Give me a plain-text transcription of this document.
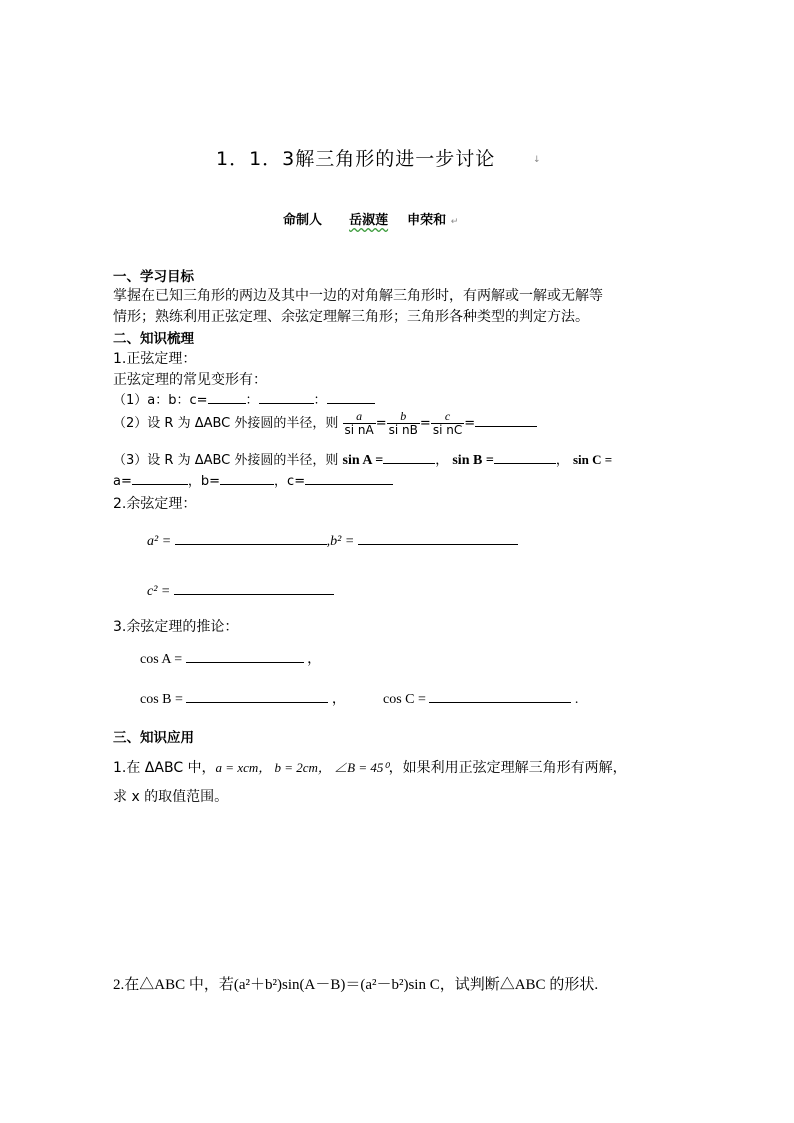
1．1．3解三角形的进一步讨论	↓
命制人 岳淑莲 申荣和 ↵
一、学习目标
掌握在已知三角形的两边及其中一边的对角解三角形时，有两解或一解或无解等
情形；熟练利用正弦定理、余弦定理解三角形；三角形各种类型的判定方法。
二、知识梳理
1.正弦定理：
正弦定理的常见变形有：
（1）a：b：c=	：	：
（2）设 R 为 ΔABC 外接圆的半径，则 $\frac{a}{\text{si nA}} = \frac{b}{\text{si nB}} = \frac{c}{\text{si nC}}$ =
（3）设 R 为 ΔABC 外接圆的半径，则 sin A =	， sin B =	， sin C =
a=	，b=	，c=
2.余弦定理：
a² =	,b² =
c² =
3.余弦定理的推论：
cos A =	，
cos B =	，	cos C =	.
三、知识应用
1.在 ΔABC 中，a = xcm， b = 2cm， ∠B = 45⁰，如果利用正弦定理解三角形有两解，
求 x 的取值范围。
2.在△ABC 中，若(a²＋b²)sin(A－B)＝(a²－b²)sin C，试判断△ABC 的形状.
